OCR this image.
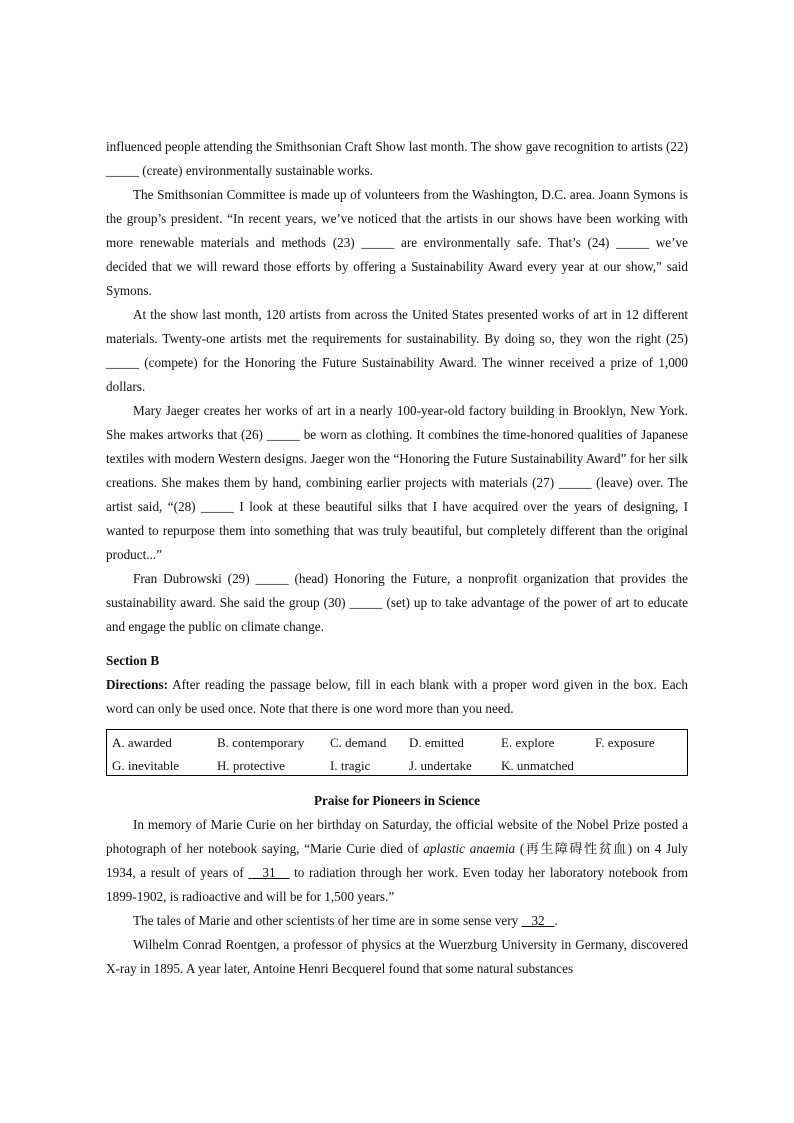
influenced people attending the Smithsonian Craft Show last month. The show gave recognition to artists (22) _____ (create) environmentally sustainable works.

The Smithsonian Committee is made up of volunteers from the Washington, D.C. area. Joann Symons is the group’s president. “In recent years, we’ve noticed that the artists in our shows have been working with more renewable materials and methods (23) _____ are environmentally safe. That’s (24) _____ we’ve decided that we will reward those efforts by offering a Sustainability Award every year at our show,” said Symons.

At the show last month, 120 artists from across the United States presented works of art in 12 different materials. Twenty-one artists met the requirements for sustainability. By doing so, they won the right (25) _____ (compete) for the Honoring the Future Sustainability Award. The winner received a prize of 1,000 dollars.

Mary Jaeger creates her works of art in a nearly 100-year-old factory building in Brooklyn, New York. She makes artworks that (26) _____ be worn as clothing. It combines the time-honored qualities of Japanese textiles with modern Western designs. Jaeger won the “Honoring the Future Sustainability Award” for her silk creations. She makes them by hand, combining earlier projects with materials (27) _____ (leave) over. The artist said, “(28) _____ I look at these beautiful silks that I have acquired over the years of designing, I wanted to repurpose them into something that was truly beautiful, but completely different than the original product...”

Fran Dubrowski (29) _____ (head) Honoring the Future, a nonprofit organization that provides the sustainability award. She said the group (30) _____ (set) up to take advantage of the power of art to educate and engage the public on climate change.

Section B

Directions: After reading the passage below, fill in each blank with a proper word given in the box. Each word can only be used once. Note that there is one word more than you need.

A. awarded	B. contemporary C. demand D. emitted	E. explore	F. exposure
G. inevitable	H. protective	I. tragic	J. undertake K. unmatched
Praise for Pioneers in Science

In memory of Marie Curie on her birthday on Saturday, the official website of the Nobel Prize posted a photograph of her notebook saying, “Marie Curie died of aplastic anaemia (再生障碍性贫血) on 4 July 1934, a result of years of    31    to radiation through her work. Even today her laboratory notebook from 1899-1902, is radioactive and will be for 1,500 years.”

The tales of Marie and other scientists of her time are in some sense very    32   .

Wilhelm Conrad Roentgen, a professor of physics at the Wuerzburg University in Germany, discovered X-ray in 1895. A year later, Antoine Henri Becquerel found that some natural substances
